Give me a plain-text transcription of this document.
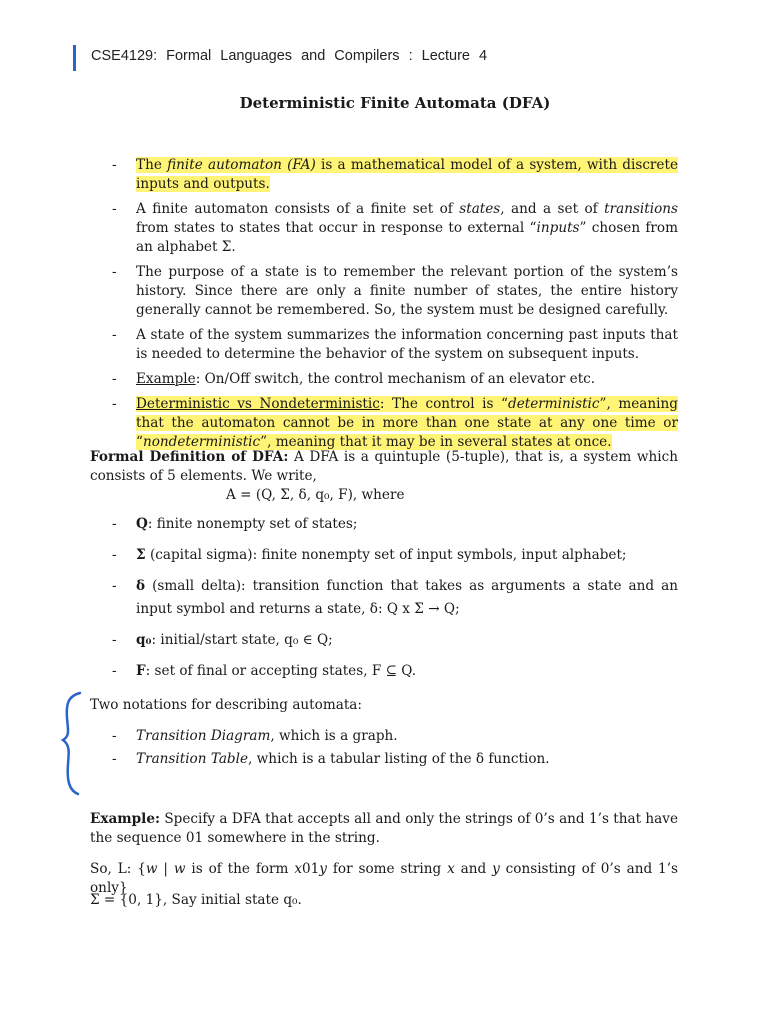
CSE4129: Formal Languages and Compilers : Lecture 4
Deterministic Finite Automata (DFA)
- The finite automaton (FA) is a mathematical model of a system, with discrete inputs and outputs.
- A finite automaton consists of a finite set of states, and a set of transitions from states to states that occur in response to external “inputs” chosen from an alphabet Σ.
- The purpose of a state is to remember the relevant portion of the system’s history. Since there are only a finite number of states, the entire history generally cannot be remembered. So, the system must be designed carefully.
- A state of the system summarizes the information concerning past inputs that is needed to determine the behavior of the system on subsequent inputs.
- Example: On/Off switch, the control mechanism of an elevator etc.
- Deterministic vs Nondeterministic: The control is “deterministic”, meaning that the automaton cannot be in more than one state at any one time or “nondeterministic”, meaning that it may be in several states at once.
Formal Definition of DFA: A DFA is a quintuple (5-tuple), that is, a system which consists of 5 elements. We write,
A = (Q, Σ, δ, q₀, F), where
- Q: finite nonempty set of states;
- Σ (capital sigma): finite nonempty set of input symbols, input alphabet;
- δ (small delta): transition function that takes as arguments a state and an input symbol and returns a state, δ: Q x Σ → Q;
- q₀: initial/start state, q₀ ∈ Q;
- F: set of final or accepting states, F ⊆ Q.
Two notations for describing automata:
- Transition Diagram, which is a graph.
- Transition Table, which is a tabular listing of the δ function.
Example: Specify a DFA that accepts all and only the strings of 0’s and 1’s that have the sequence 01 somewhere in the string.
So, L: {w | w is of the form x01y for some string x and y consisting of 0’s and 1’s only}
Σ = {0, 1}, Say initial state q₀.
